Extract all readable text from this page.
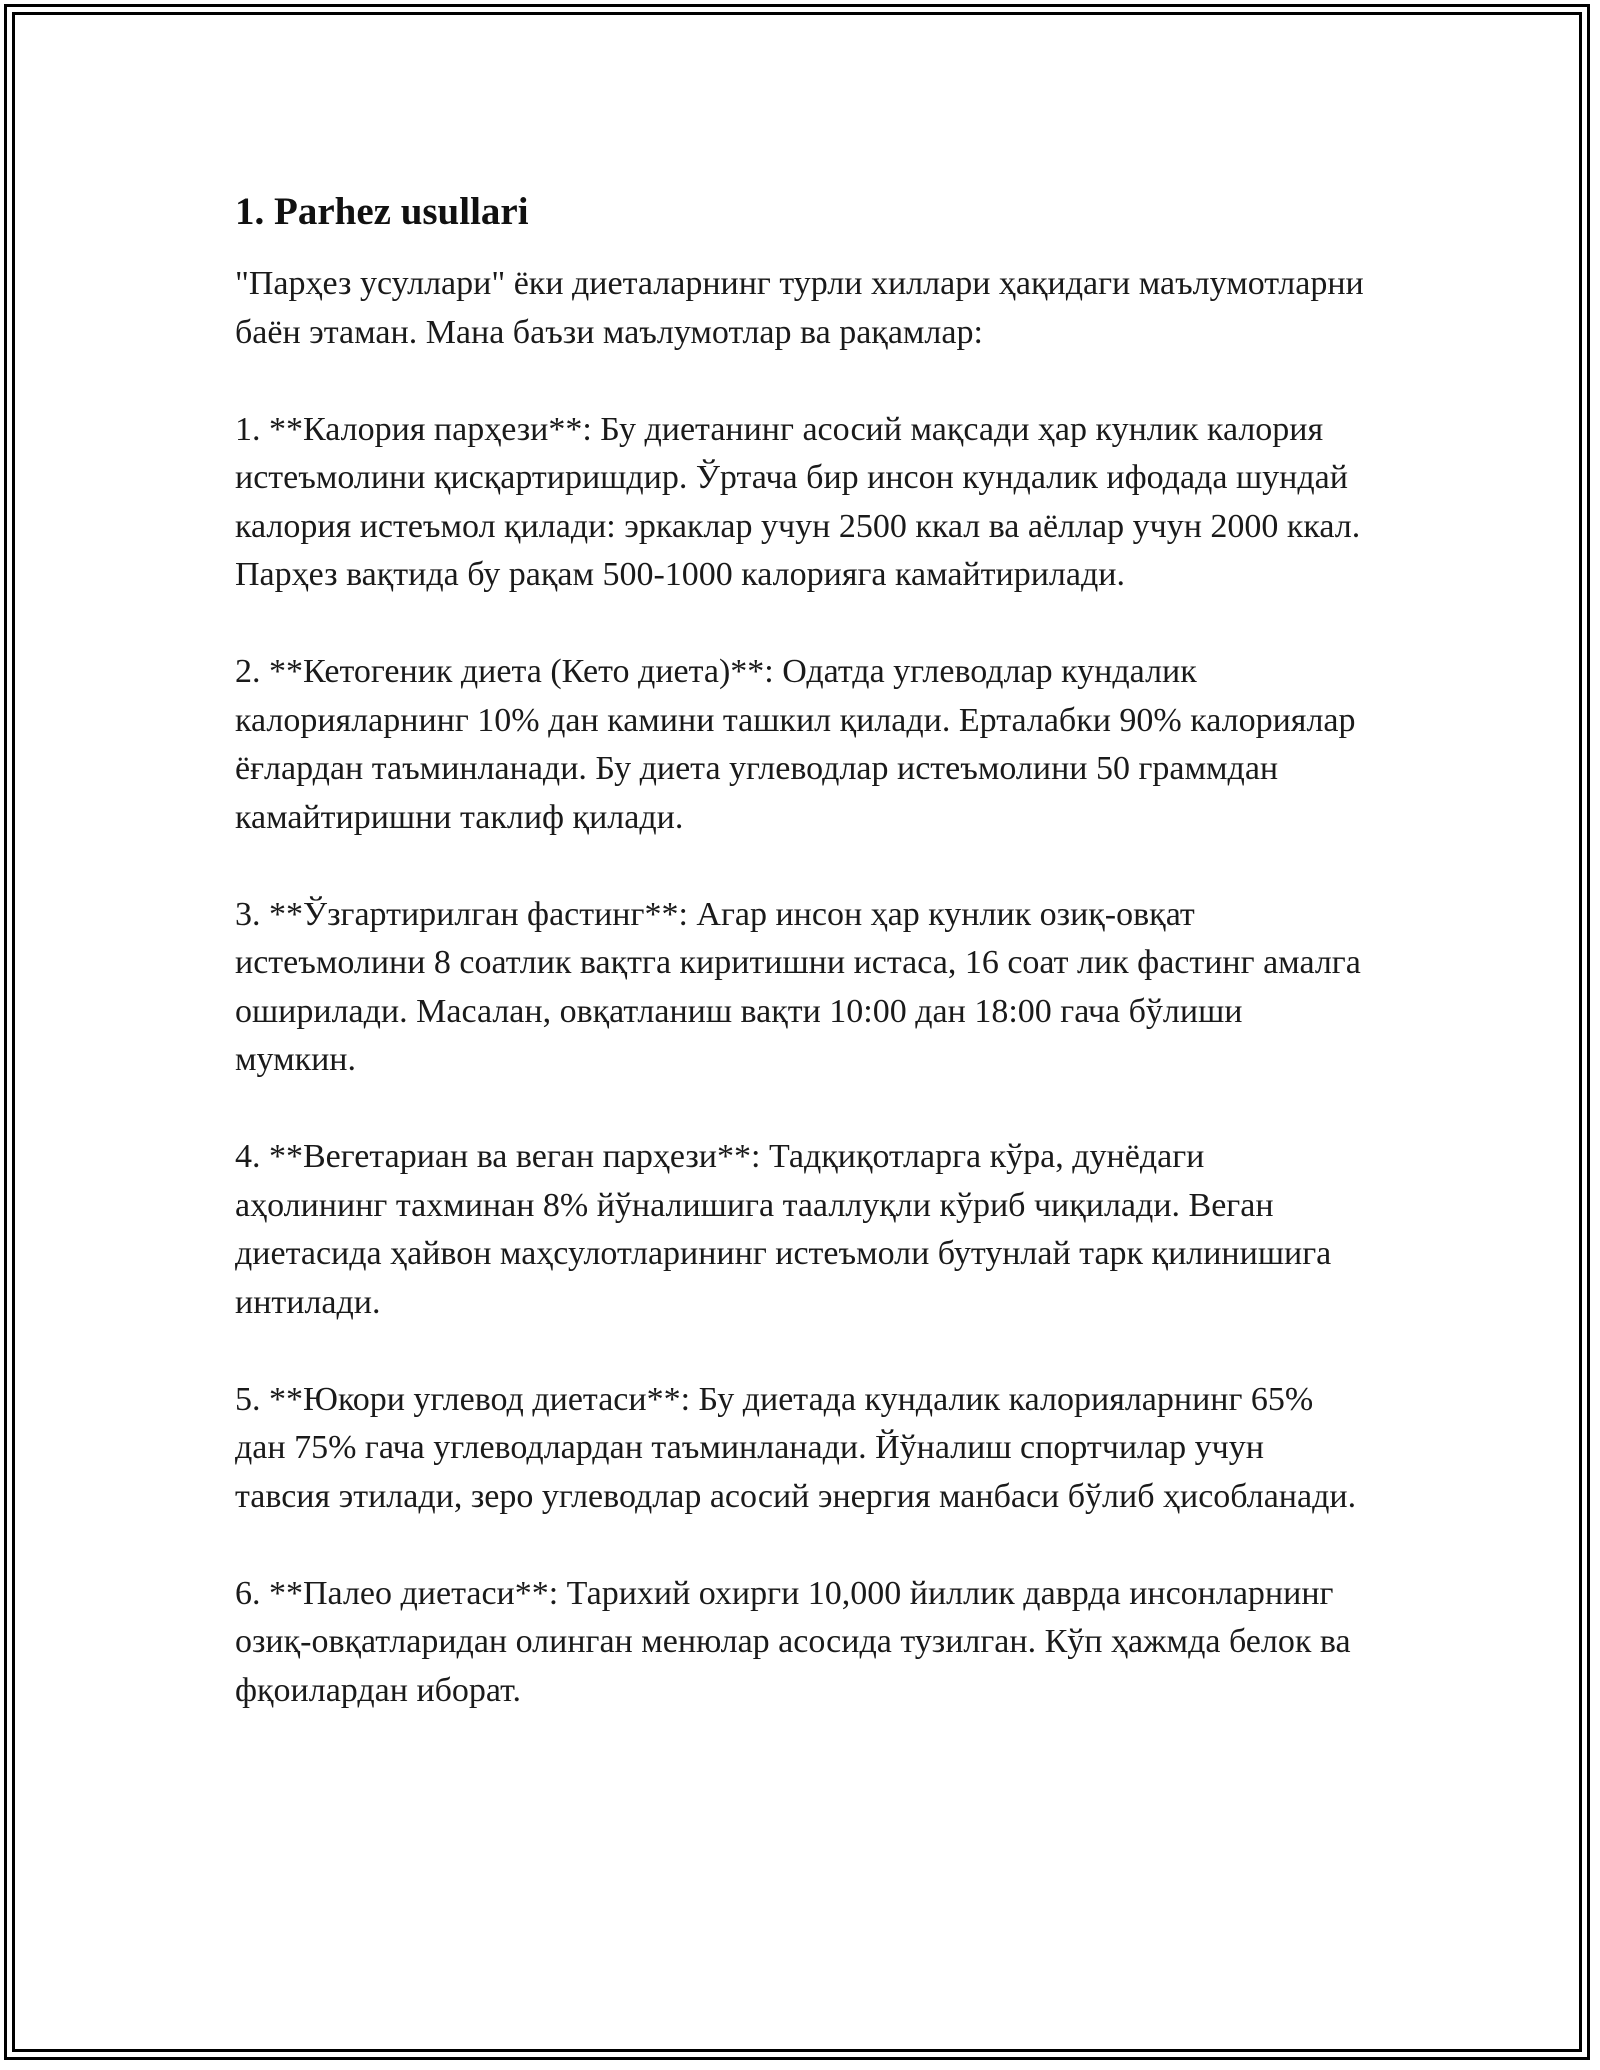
1. Parhez usullari

"Парҳез усуллари" ёки диеталарнинг турли хиллари ҳақидаги маълумотларни баён этаман. Мана баъзи маълумотлар ва рақамлар:

1. **Калория парҳези**: Бу диетанинг асосий мақсади ҳар кунлик калория истеъмолини қисқартиришдир. Ўртача бир инсон кундалик ифодада шундай калория истеъмол қилади: эркаклар учун 2500 ккал ва аёллар учун 2000 ккал. Парҳез вақтида бу рақам 500-1000 калорияга камайтирилади.

2. **Кетогеник диета (Кето диета)**: Одатда углеводлар кундалик калорияларнинг 10% дан камини ташкил қилади. Ерталабки 90% калориялар ёғлардан таъминланади. Бу диета углеводлар истеъмолини 50 граммдан камайтиришни таклиф қилади.

3. **Ўзгартирилган фастинг**: Агар инсон ҳар кунлик озиқ-овқат истеъмолини 8 соатлик вақтга киритишни истаса, 16 соат лик фастинг амалга оширилади. Масалан, овқатланиш вақти 10:00 дан 18:00 гача бўлиши мумкин.

4. **Вегетариан ва веган парҳези**: Тадқиқотларга кўра, дунёдаги аҳолининг тахминан 8% йўналишига тааллуқли кўриб чиқилади. Веган диетасида ҳайвон маҳсулотларининг истеъмоли бутунлай тарк қилинишига интилади.

5. **Юкори углевод диетаси**: Бу диетада кундалик калорияларнинг 65% дан 75% гача углеводлардан таъминланади. Йўналиш спортчилар учун тавсия этилади, зеро углеводлар асосий энергия манбаси бўлиб ҳисобланади.

6. **Палео диетаси**: Тарихий охирги 10,000 йиллик даврда инсонларнинг озиқ-овқатларидан олинган менюлар асосида тузилган. Кўп ҳажмда белок ва фқоилардан иборат.
